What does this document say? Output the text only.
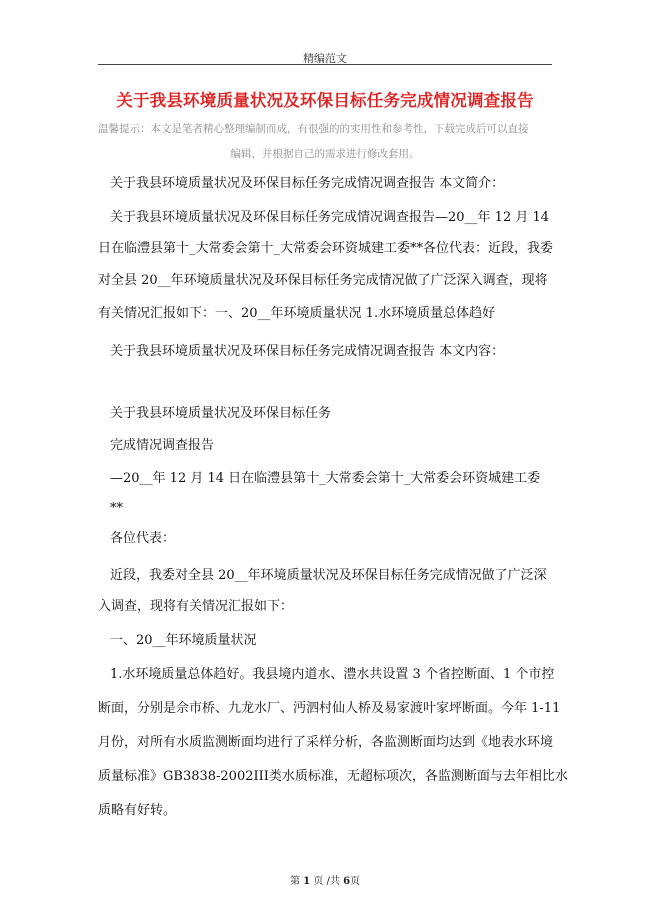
精编范文
关于我县环境质量状况及环保目标任务完成情况调查报告
温馨提示：本文是笔者精心整理编制而成，有很强的的实用性和参考性，下载完成后可以直接
编辑，并根据自己的需求进行修改套用。
关于我县环境质量状况及环保目标任务完成情况调查报告 本文简介：
关于我县环境质量状况及环保目标任务完成情况调查报告—20__年 12 月 14
日在临澧县第十_大常委会第十_大常委会环资城建工委**各位代表：近段，我委
对全县 20__年环境质量状况及环保目标任务完成情况做了广泛深入调查，现将
有关情况汇报如下：一、20__年环境质量状况 1.水环境质量总体趋好
关于我县环境质量状况及环保目标任务完成情况调查报告 本文内容：
关于我县环境质量状况及环保目标任务
完成情况调查报告
—20__年 12 月 14 日在临澧县第十_大常委会第十_大常委会环资城建工委
**
各位代表：
近段，我委对全县 20__年环境质量状况及环保目标任务完成情况做了广泛深
入调查，现将有关情况汇报如下：
一、20__年环境质量状况
1.水环境质量总体趋好。我县境内道水、澧水共设置 3 个省控断面、1 个市控
断面，分别是佘市桥、九龙水厂、沔泗村仙人桥及易家渡叶家坪断面。今年 1-11
月份，对所有水质监测断面均进行了采样分析，各监测断面均达到《地表水环境
质量标准》GB3838-2002III类水质标准，无超标项次，各监测断面与去年相比水
质略有好转。
第 1 页 /共 6页
